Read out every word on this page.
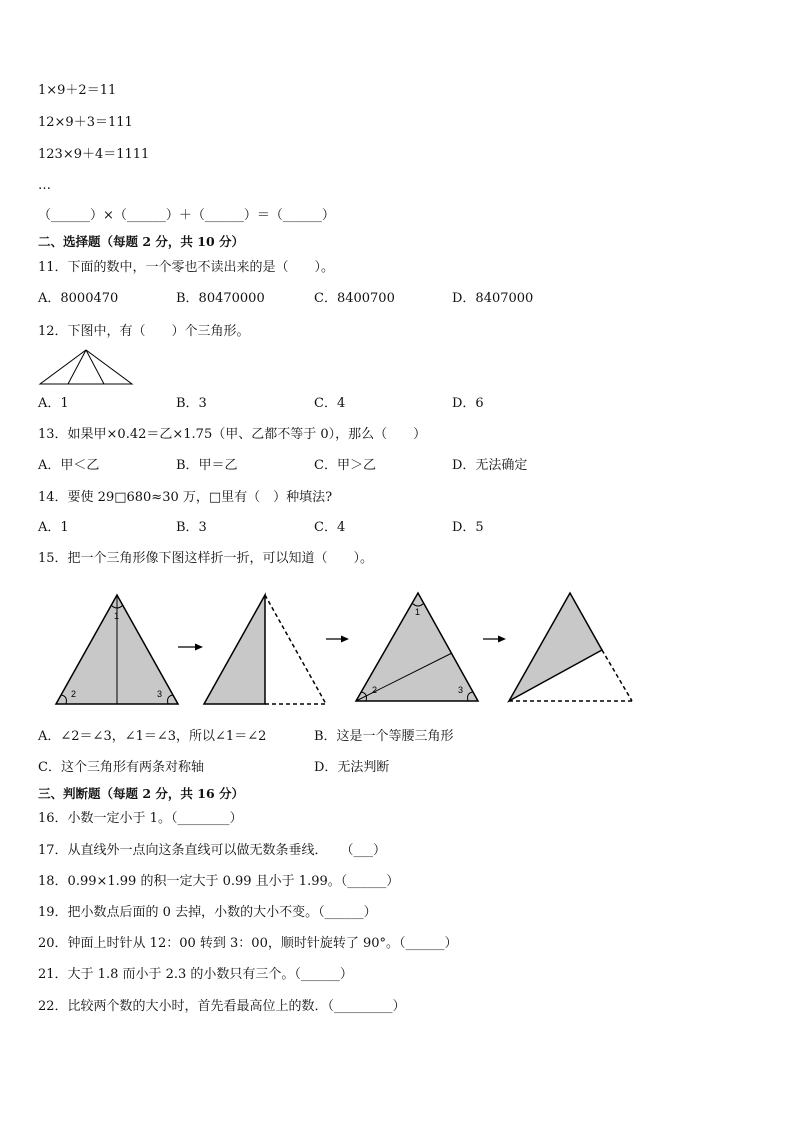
1×9＋2＝11
12×9＋3＝111
123×9＋4＝1111
…
（______）×（______）＋（______）＝（______）
二、选择题（每题 2 分，共 10 分）
11．下面的数中，一个零也不读出来的是（　　）。
A．8000470	B．80470000	C．8400700	D．8407000
12．下图中，有（　　）个三角形。
A．1	B．3	C．4	D．6
13．如果甲×0.42＝乙×1.75（甲、乙都不等于 0），那么（　　）
A．甲＜乙	B．甲＝乙	C．甲＞乙	D．无法确定
14．要使 29□680≈30 万，□里有（　）种填法?
A．1	B．3	C．4	D．5
15．把一个三角形像下图这样折一折，可以知道（　　）。
1
2	3
1
2	3
A．∠2＝∠3，∠1＝∠3，所以∠1＝∠2	B．这是一个等腰三角形
C．这个三角形有两条对称轴	D．无法判断
三、判断题（每题 2 分，共 16 分）
16．小数一定小于 1。（________）
17．从直线外一点向这条直线可以做无数条垂线．　　（___）
18．0.99×1.99 的积一定大于 0.99 且小于 1.99。（______）
19．把小数点后面的 0 去掉，小数的大小不变。（______）
20．钟面上时针从 12：00 转到 3：00，顺时针旋转了 90°。（______）
21．大于 1.8 而小于 2.3 的小数只有三个。（______）
22．比较两个数的大小时，首先看最高位上的数．（_________）
